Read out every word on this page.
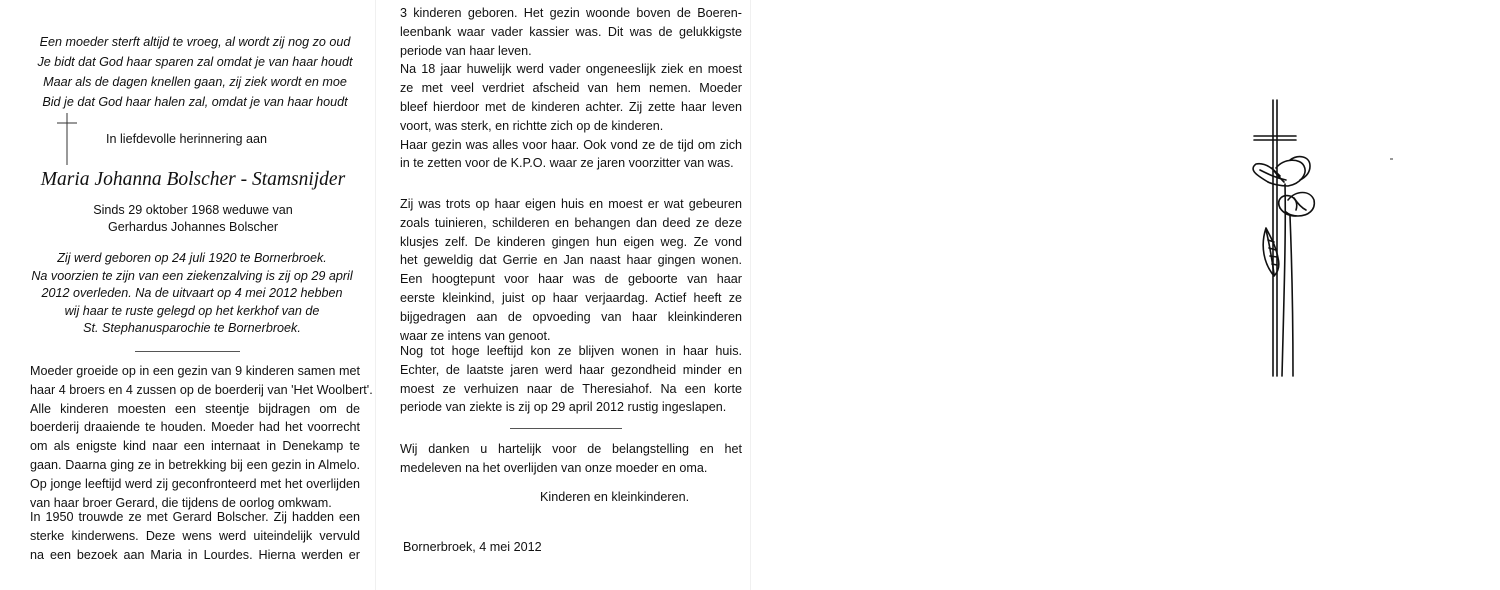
Een moeder sterft altijd te vroeg, al wordt zij nog zo oud
Je bidt dat God haar sparen zal omdat je van haar houdt
Maar als de dagen knellen gaan, zij ziek wordt en moe
Bid je dat God haar halen zal, omdat je van haar houdt
In liefdevolle herinnering aan
Maria Johanna Bolscher - Stamsnijder
Sinds 29 oktober 1968 weduwe van
Gerhardus Johannes Bolscher
Zij werd geboren op 24 juli 1920 te Bornerbroek.
Na voorzien te zijn van een ziekenzalving is zij op 29 april
2012 overleden. Na de uitvaart op 4 mei 2012 hebben
wij haar te ruste gelegd op het kerkhof van de
St. Stephanusparochie te Bornerbroek.
Moeder groeide op in een gezin van 9 kinderen samen met
haar 4 broers en 4 zussen op de boerderij van 'Het Woolbert'.
Alle kinderen moesten een steentje bijdragen om de
boerderij draaiende te houden. Moeder had het voorrecht
om als enigste kind naar een internaat in Denekamp te
gaan. Daarna ging ze in betrekking bij een gezin in Almelo.
Op jonge leeftijd werd zij geconfronteerd met het overlijden
van haar broer Gerard, die tijdens de oorlog omkwam.
In 1950 trouwde ze met Gerard Bolscher. Zij hadden een
sterke kinderwens. Deze wens werd uiteindelijk vervuld
na een bezoek aan Maria in Lourdes. Hierna werden er
3 kinderen geboren. Het gezin woonde boven de Boeren-
leenbank waar vader kassier was. Dit was de gelukkigste
periode van haar leven.
Na 18 jaar huwelijk werd vader ongeneeslijk ziek en moest
ze met veel verdriet afscheid van hem nemen. Moeder
bleef hierdoor met de kinderen achter. Zij zette haar leven
voort, was sterk, en richtte zich op de kinderen.
Haar gezin was alles voor haar. Ook vond ze de tijd om zich
in te zetten voor de K.P.O. waar ze jaren voorzitter van was.
Zij was trots op haar eigen huis en moest er wat gebeuren
zoals tuinieren, schilderen en behangen dan deed ze deze
klusjes zelf. De kinderen gingen hun eigen weg. Ze vond
het geweldig dat Gerrie en Jan naast haar gingen wonen.
Een hoogtepunt voor haar was de geboorte van haar
eerste kleinkind, juist op haar verjaardag. Actief heeft ze
bijgedragen aan de opvoeding van haar kleinkinderen
waar ze intens van genoot.
Nog tot hoge leeftijd kon ze blijven wonen in haar huis.
Echter, de laatste jaren werd haar gezondheid minder en
moest ze verhuizen naar de Theresiahof. Na een korte
periode van ziekte is zij op 29 april 2012 rustig ingeslapen.
Wij danken u hartelijk voor de belangstelling en het
medeleven na het overlijden van onze moeder en oma.
Kinderen en kleinkinderen.
Bornerbroek, 4 mei 2012
